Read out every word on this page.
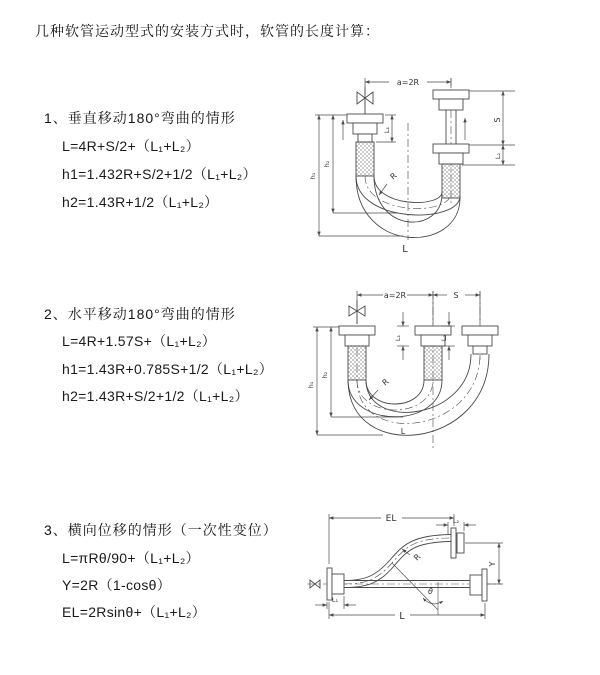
几种软管运动型式的安装方式时，软管的长度计算：
1、垂直移动180°弯曲的情形
L=4R+S/2+（L₁+L₂）
h1=1.432R+S/2+1/2（L₁+L₂）
h2=1.43R+1/2（L₁+L₂）
2、水平移动180°弯曲的情形
L=4R+1.57S+（L₁+L₂）
h1=1.43R+0.785S+1/2（L₁+L₂）
h2=1.43R+S/2+1/2（L₁+L₂）
3、横向位移的情形（一次性变位）
L=πRθ/90+（L₁+L₂）
Y=2R（1-cosθ）
EL=2Rsinθ+（L₁+L₂）
a=2R
L₁
S
L₂
h₁
h₂
R
L
a=2R	S
L₁	L₂
h₁
h₂
R
L
EL	L₂
L₁
Y
R
θ
L
